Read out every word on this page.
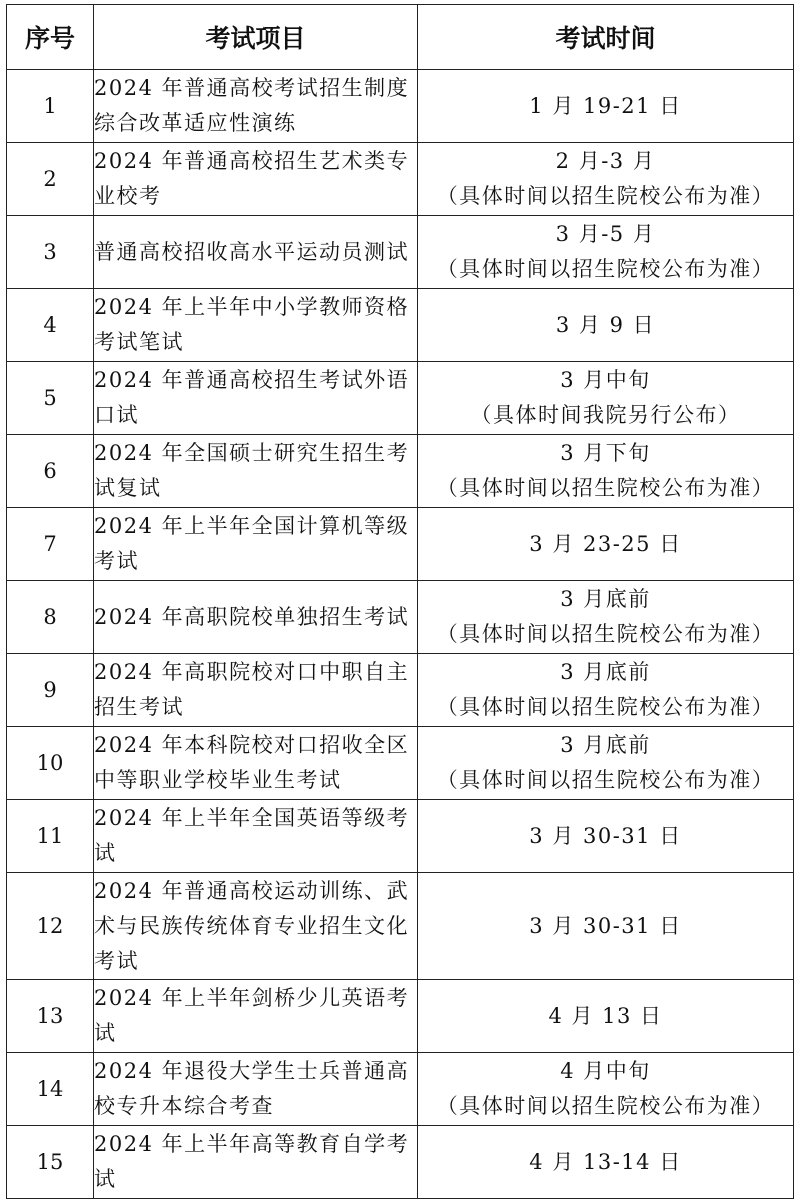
序号	考试项目	考试时间
1	2024 年普通高校考试招生制度综合改革适应性演练	1 月 19-21 日

2	2024 年普通高校招生艺术类专业校考	2 月-3 月
（具体时间以招生院校公布为准）

3	普通高校招收高水平运动员测试	3 月-5 月
（具体时间以招生院校公布为准）

4	2024 年上半年中小学教师资格考试笔试	3 月 9 日

5	2024 年普通高校招生考试外语口试	3 月中旬
（具体时间我院另行公布）

6	2024 年全国硕士研究生招生考试复试	3 月下旬
（具体时间以招生院校公布为准）

7	2024 年上半年全国计算机等级考试	3 月 23-25 日

8	2024 年高职院校单独招生考试	3 月底前
（具体时间以招生院校公布为准）

9	2024 年高职院校对口中职自主招生考试	3 月底前
（具体时间以招生院校公布为准）

10	2024 年本科院校对口招收全区中等职业学校毕业生考试	3 月底前
（具体时间以招生院校公布为准）

11	2024 年上半年全国英语等级考试	3 月 30-31 日

12	2024 年普通高校运动训练、武术与民族传统体育专业招生文化考试	3 月 30-31 日

13	2024 年上半年剑桥少儿英语考试	4 月 13 日

14	2024 年退役大学生士兵普通高校专升本综合考查	4 月中旬
（具体时间以招生院校公布为准）

15	2024 年上半年高等教育自学考试	4 月 13-14 日
